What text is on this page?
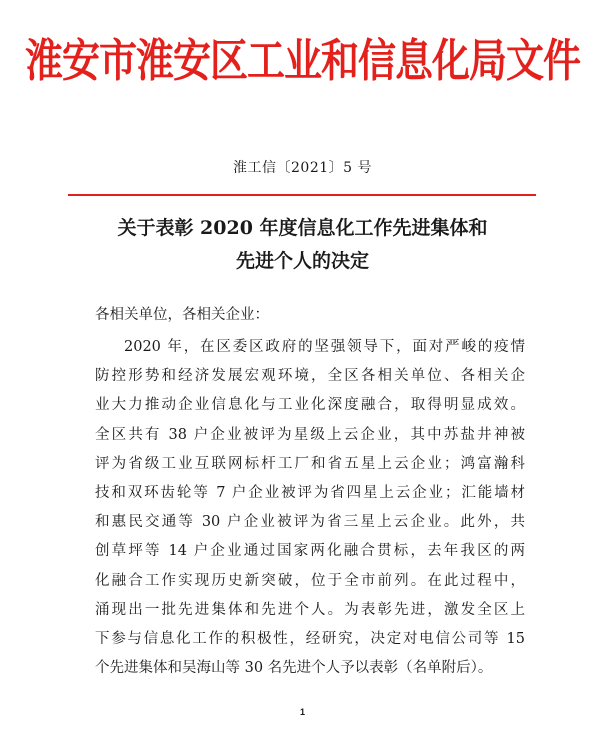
淮安市淮安区工业和信息化局文件
淮工信〔2021〕5 号
关于表彰 2020 年度信息化工作先进集体和
先进个人的决定
各相关单位，各相关企业：
2020 年，在区委区政府的坚强领导下，面对严峻的疫情
防控形势和经济发展宏观环境，全区各相关单位、各相关企
业大力推动企业信息化与工业化深度融合，取得明显成效。
全区共有 38 户企业被评为星级上云企业，其中苏盐井神被
评为省级工业互联网标杆工厂和省五星上云企业；鸿富瀚科
技和双环齿轮等 7 户企业被评为省四星上云企业；汇能墙材
和惠民交通等 30 户企业被评为省三星上云企业。此外，共
创草坪等 14 户企业通过国家两化融合贯标，去年我区的两
化融合工作实现历史新突破，位于全市前列。在此过程中，
涌现出一批先进集体和先进个人。为表彰先进，激发全区上
下参与信息化工作的积极性，经研究，决定对电信公司等 15
个先进集体和吴海山等 30 名先进个人予以表彰（名单附后）。
1
